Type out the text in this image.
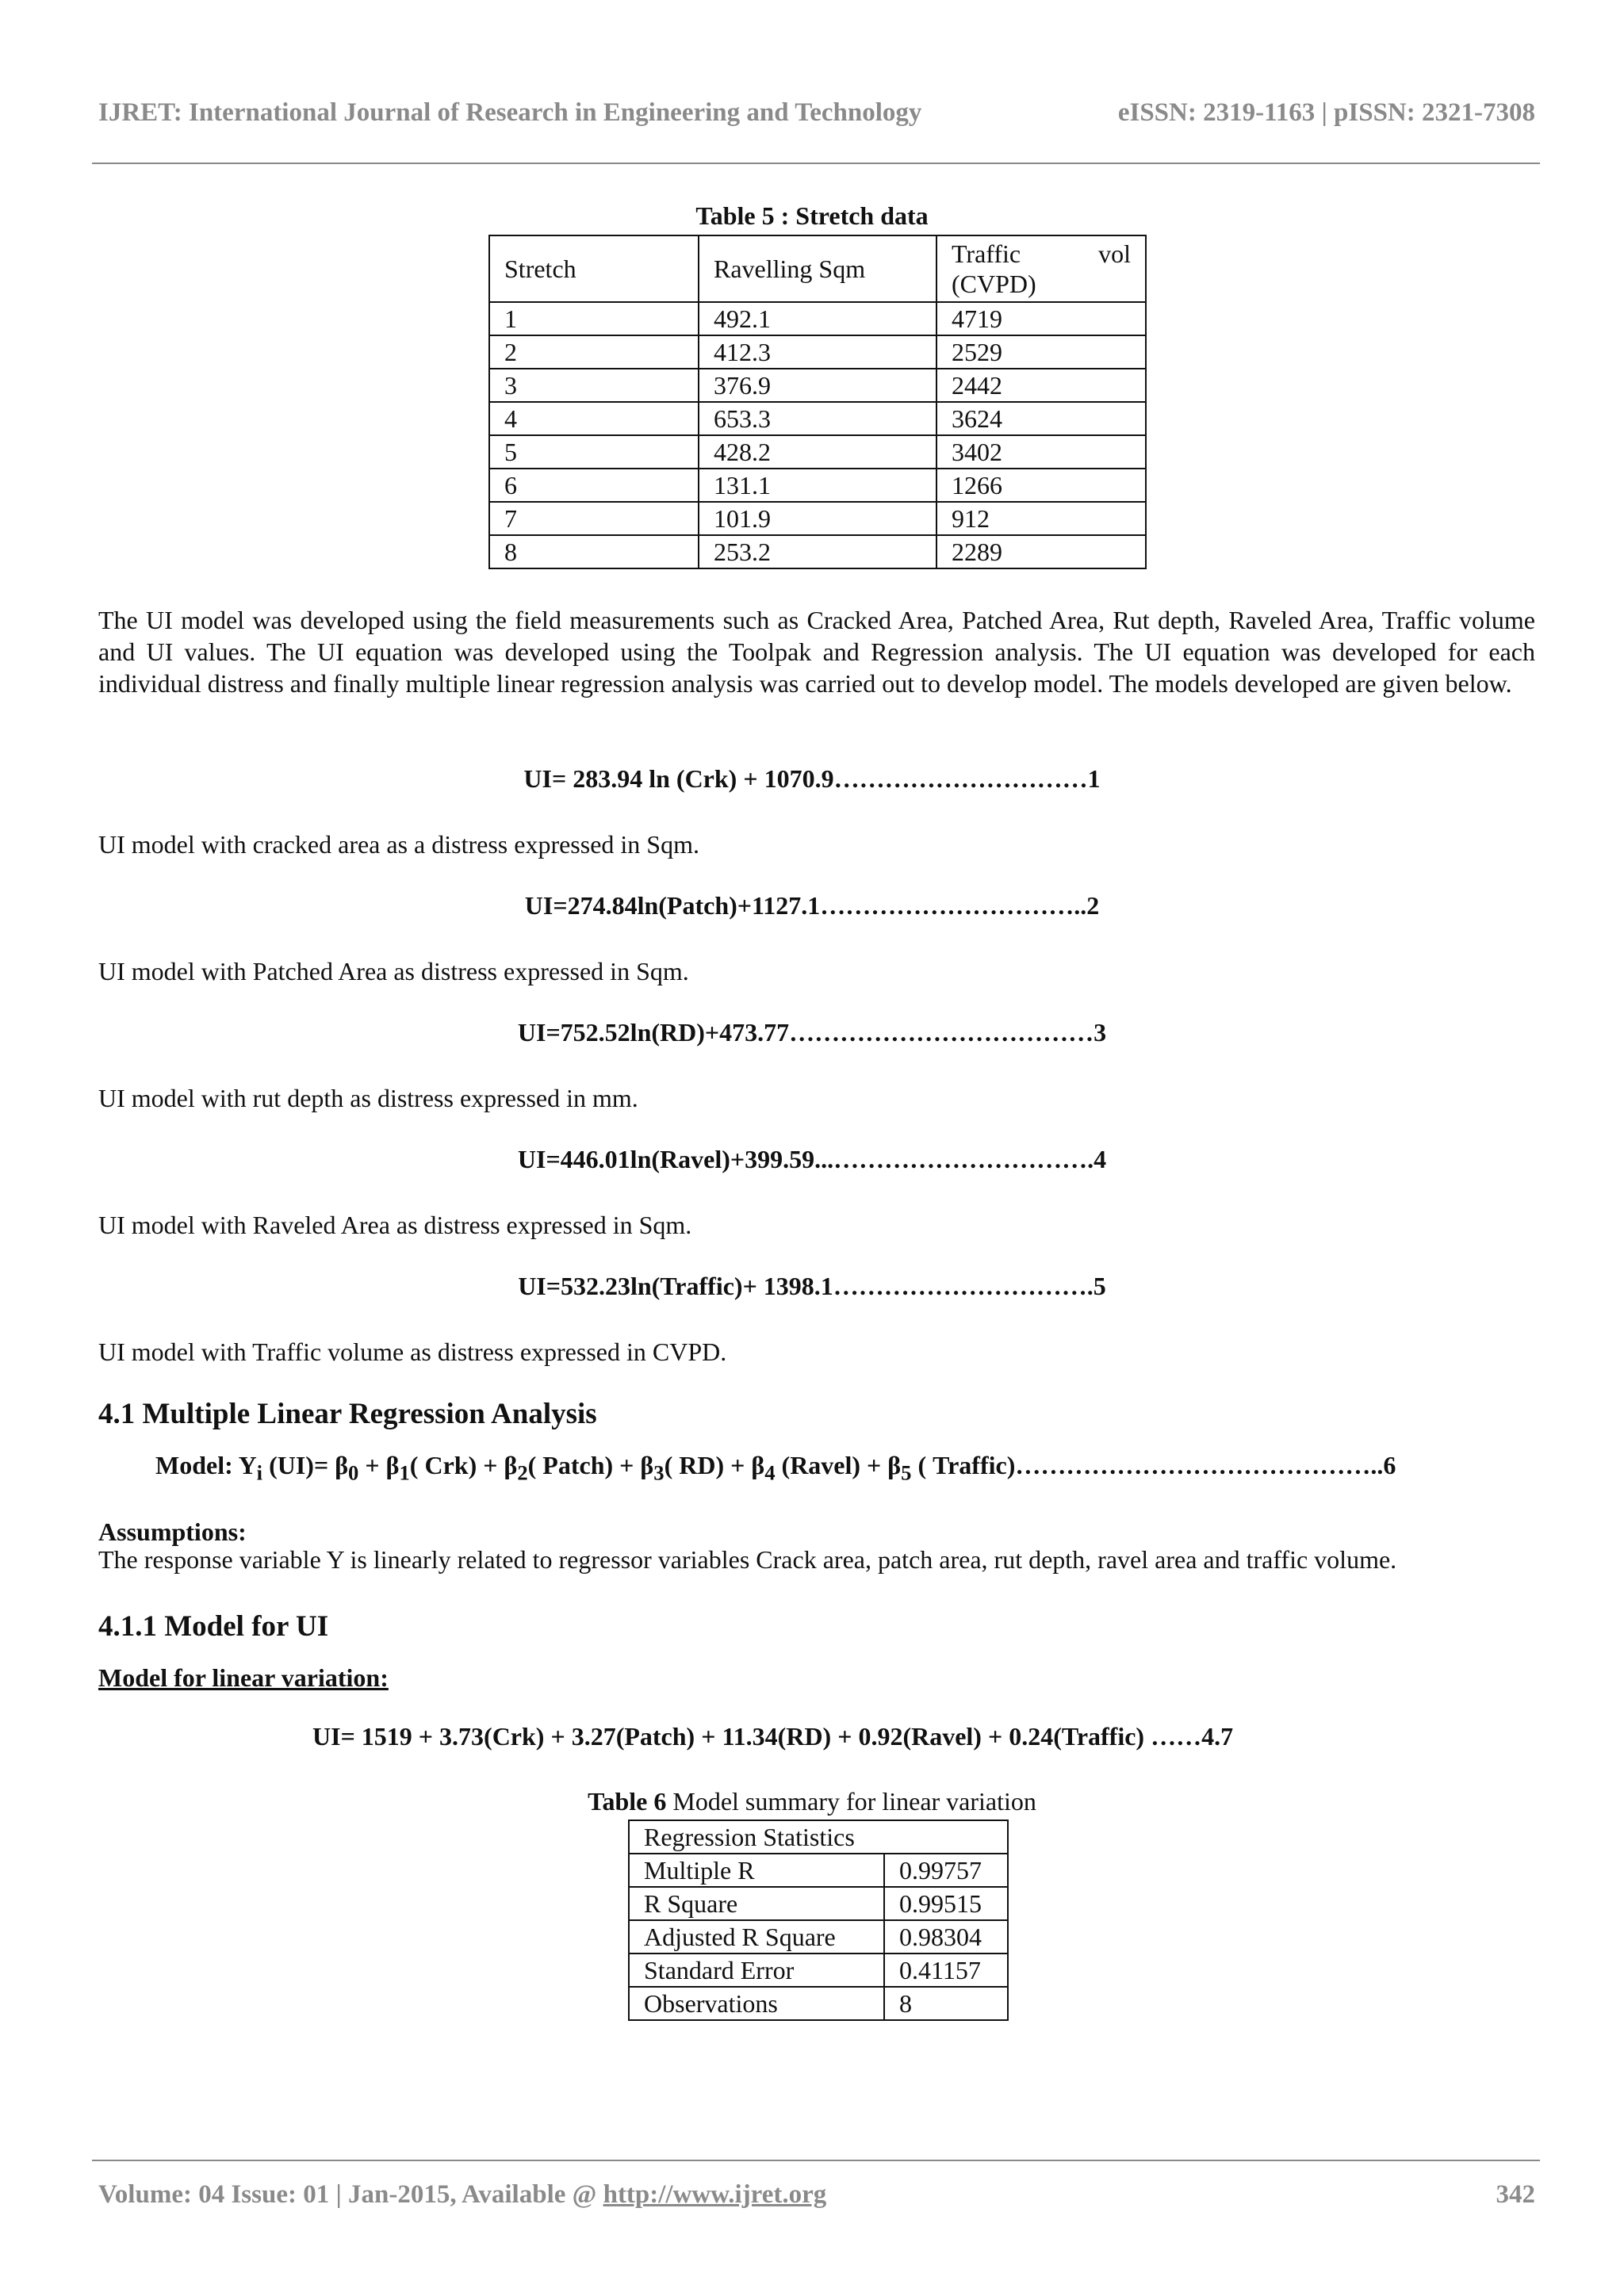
IJRET: International Journal of Research in Engineering and Technology	eISSN: 2319-1163 | pISSN: 2321-7308
Table 5 : Stretch data
Stretch	Ravelling Sqm	Traffic vol
(CVPD)

1	492.1	4719
2	412.3	2529
3	376.9	2442
4	653.3	3624
5	428.2	3402
6	131.1	1266
7	101.9	912
8	253.2	2289
The UI model was developed using the field measurements such as Cracked Area, Patched Area, Rut depth, Raveled Area, Traffic volume and UI values. The UI equation was developed using the Toolpak and Regression analysis. The UI equation was developed for each individual distress and finally multiple linear regression analysis was carried out to develop model. The models developed are given below.
UI= 283.94 ln (Crk) + 1070.9…………………………1
UI model with cracked area as a distress expressed in Sqm.
UI=274.84ln(Patch)+1127.1…………………………..2
UI model with Patched Area as distress expressed in Sqm.
UI=752.52ln(RD)+473.77………………………………3
UI model with rut depth as distress expressed in mm.
UI=446.01ln(Ravel)+399.59...………………………….4
UI model with Raveled Area as distress expressed in Sqm.
UI=532.23ln(Traffic)+ 1398.1………………………….5
UI model with Traffic volume as distress expressed in CVPD.
4.1 Multiple Linear Regression Analysis
Model: $Y_i$ $(UI)= \beta_0 + \beta_1$( $Crk) + \beta_2$( Patch) + $\beta_3$( $RD) + \beta_4$ (Ravel) + $\beta_5$ ( Traffic)……………………………………..6
Assumptions:
The response variable Y is linearly related to regressor variables Crack area, patch area, rut depth, ravel area and traffic volume.
4.1.1 Model for UI
Model for linear variation:
UI= 1519 + 3.73(Crk) + 3.27(Patch) + 11.34(RD) + 0.92(Ravel) + 0.24(Traffic) ……4.7
Table 6 Model summary for linear variation
Regression Statistics	
Multiple R	0.99757
R Square	0.99515
Adjusted R Square	0.98304
Standard Error	0.41157
Observations	8
Volume: 04 Issue: 01 | Jan-2015, Available @ http://www.ijret.org	342
